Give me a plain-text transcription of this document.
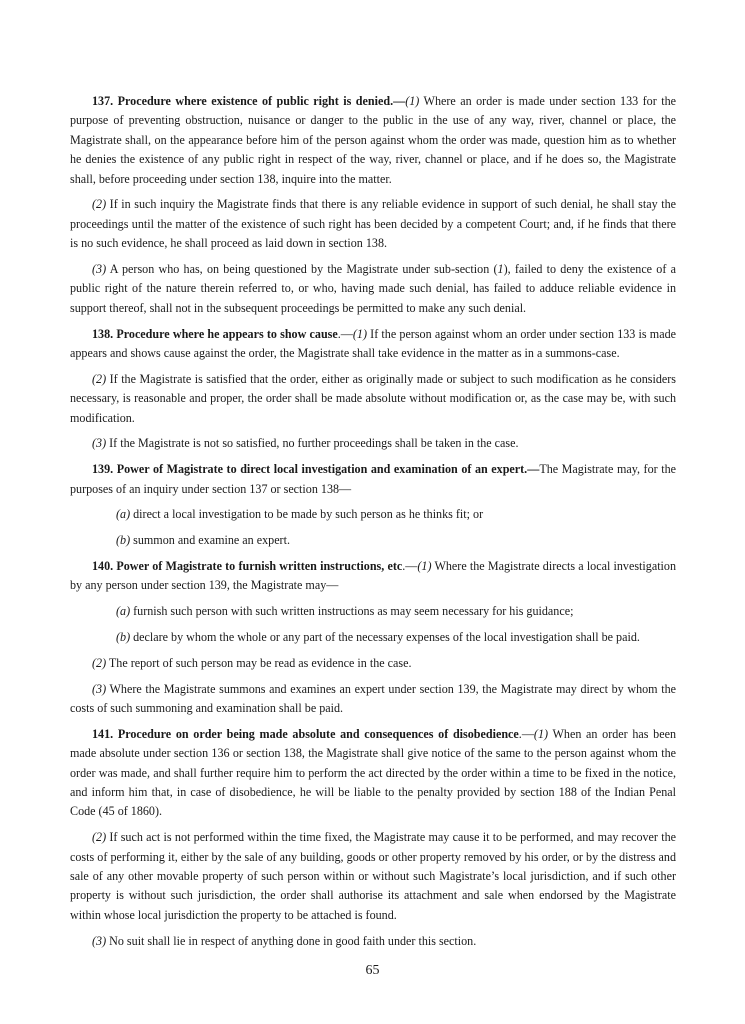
137. Procedure where existence of public right is denied.—(1) Where an order is made under section 133 for the purpose of preventing obstruction, nuisance or danger to the public in the use of any way, river, channel or place, the Magistrate shall, on the appearance before him of the person against whom the order was made, question him as to whether he denies the existence of any public right in respect of the way, river, channel or place, and if he does so, the Magistrate shall, before proceeding under section 138, inquire into the matter.

(2) If in such inquiry the Magistrate finds that there is any reliable evidence in support of such denial, he shall stay the proceedings until the matter of the existence of such right has been decided by a competent Court; and, if he finds that there is no such evidence, he shall proceed as laid down in section 138.

(3) A person who has, on being questioned by the Magistrate under sub-section (1), failed to deny the existence of a public right of the nature therein referred to, or who, having made such denial, has failed to adduce reliable evidence in support thereof, shall not in the subsequent proceedings be permitted to make any such denial.

138. Procedure where he appears to show cause.—(1) If the person against whom an order under section 133 is made appears and shows cause against the order, the Magistrate shall take evidence in the matter as in a summons-case.

(2) If the Magistrate is satisfied that the order, either as originally made or subject to such modification as he considers necessary, is reasonable and proper, the order shall be made absolute without modification or, as the case may be, with such modification.

(3) If the Magistrate is not so satisfied, no further proceedings shall be taken in the case.

139. Power of Magistrate to direct local investigation and examination of an expert.—The Magistrate may, for the purposes of an inquiry under section 137 or section 138—

(a) direct a local investigation to be made by such person as he thinks fit; or

(b) summon and examine an expert.

140. Power of Magistrate to furnish written instructions, etc.—(1) Where the Magistrate directs a local investigation by any person under section 139, the Magistrate may—

(a) furnish such person with such written instructions as may seem necessary for his guidance;

(b) declare by whom the whole or any part of the necessary expenses of the local investigation shall be paid.

(2) The report of such person may be read as evidence in the case.

(3) Where the Magistrate summons and examines an expert under section 139, the Magistrate may direct by whom the costs of such summoning and examination shall be paid.

141. Procedure on order being made absolute and consequences of disobedience.—(1) When an order has been made absolute under section 136 or section 138, the Magistrate shall give notice of the same to the person against whom the order was made, and shall further require him to perform the act directed by the order within a time to be fixed in the notice, and inform him that, in case of disobedience, he will be liable to the penalty provided by section 188 of the Indian Penal Code (45 of 1860).

(2) If such act is not performed within the time fixed, the Magistrate may cause it to be performed, and may recover the costs of performing it, either by the sale of any building, goods or other property removed by his order, or by the distress and sale of any other movable property of such person within or without such Magistrate’s local jurisdiction, and if such other property is without such jurisdiction, the order shall authorise its attachment and sale when endorsed by the Magistrate within whose local jurisdiction the property to be attached is found.

(3) No suit shall lie in respect of anything done in good faith under this section.

65
